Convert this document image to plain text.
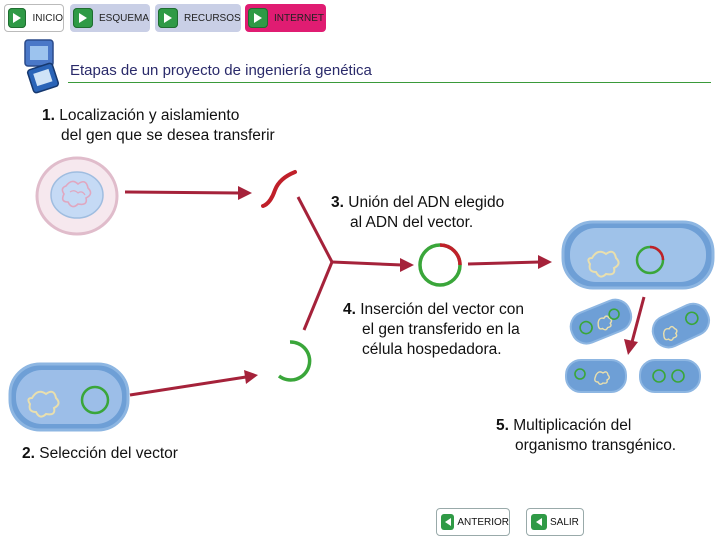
INICIO	ESQUEMA	RECURSOS	INTERNET
Etapas de un proyecto de ingeniería genética
1. Localización y aislamiento
del gen que se desea transferir
3. Unión del ADN elegido
al ADN del vector.
4. Inserción del vector con
el gen transferido en la
célula hospedadora.
5. Multiplicación del
organismo transgénico.
2. Selección del vector
ANTERIOR	SALIR
